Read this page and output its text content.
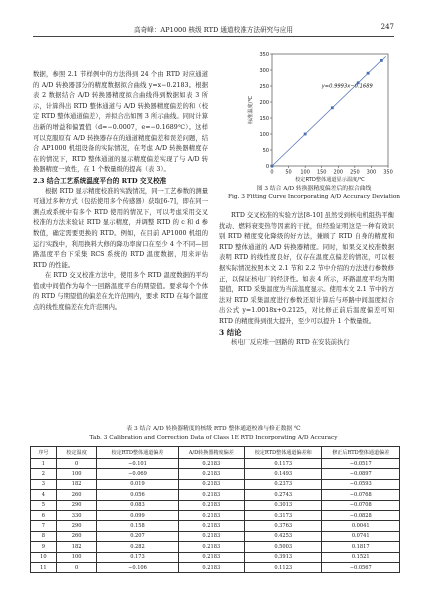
高奇峰：AP1000 核级 RTD 通道校准方法研究与应用	247

数据，参照 2.1 节样例中的方法得到 24 个由 RTD 对应通道的 A/D 转换器部分的精度数据拟合曲线 y=x−0.2183。根据表 2 数据结合 A/D 转换器精度拟合曲线得到数据如表 3 所示，计算得出 RTD 整体通道与 A/D 转换器精度偏差的和（校定 RTD 整体通道偏差），并拟合出如图 3 所示曲线。同时计算出新的增益和偏置值（d=−0.0007，e=−0.1689℃）。这样可以克服原有 A/D 转换器存在的通道精度偏差和误差问题，结合 AP1000 机组设备的实际情况，在考虑 A/D 转换器精度存在的情况下，RTD 整体通道的显示精度偏差实现了与 A/D 转换器精度一致性，在 1 个数量级的提高（表 3）。

2.3 结合工艺系统温度平台的 RTD 交叉校准

根据 RTD 显示精度校准的实践情况，同一工艺参数的测量可通过多种方式（包括使用多个传感器）获取[6-7]，即在同一测点或系统中有多个 RTD 使用的情况下，可以考虑采用交叉校准的方法来验证 RTD 显示精度，并调整 RTD 的 c 和 d 参数值，确定需要更换的 RTD。例如，在目前 AP1000 机组的运行实践中，利用换料大修的降功率窗口在至少 4 个不同—回路温度平台下采集 RCS 系统的 RTD 温度数据，用来评估 RTD 的性能。

在 RTD 交叉校准方法中，使用多个 RTD 温度数据的平均值或中间值作为每个一回路温度平台的期望值。要求每个个体的 RTD 与期望值的偏差在允许范围内，要求 RTD 在每个温度点的线性度偏差在允许范围内。

0 50 100 150 200 250 300 350
0
50
100
150
200
250
300
350
y=0.9993x−0.1689
校定RTD整体通道显示温度/℃
标准温度/℃
图 3 结合 A/D 转换器精度偏差后的拟合曲线
Fig. 3 Fitting Curve Incorporating A/D Accuracy Deviation

RTD 交叉校准的实验方法[8-10] 虽然受到核电机组热平衡扰动、燃料衰变热等因素的干扰，但经验证明这是一种有效识别 RTD 精度变化降级的好方法，兼顾了 RTD 自身的精度和 RTD 整体通道的 A/D 转换器精度。同时，如果交叉校准数据表明 RTD 的线性度良好，仅存在温度点偏差的情况，可以根据实际情况按照本文 2.1 节和 2.2 节中介绍的方法进行参数修正，以保证核电厂的经济性。如表 4 所示，环路温度平均为期望值，RTD 采集温度为当前温度显示。使用本文 2.1 节中的方法对 RTD 采集温度进行参数还原计算后与环路中间温度拟合出公式 y=1.0018x+0.2125，对比修正前后温度偏差可知 RTD 的精度得到很大提升，至少可以提升 1 个数量级。

3 结论

核电厂反应堆一回路的 RTD 在安装前执行

表 3 结合 A/D 转换器精度的核级 RTD 整体通道校准与修正数据 ℃
Tab. 3 Calibration and Correction Data of Class 1E RTD Incorporating A/D Accuracy
序号	校定温度	校定RTD整体通道偏差	A/D转换器精度偏差	校定RTD整体通道偏差和	修正后RTD整体通道偏差
1	0	−0.101	0.2183	0.1173	−0.0517
2	100	−0.069	0.2183	0.1493	−0.0897
3	182	0.019	0.2183	0.2373	−0.0593
4	260	0.056	0.2183	0.2743	−0.0768
5	290	0.083	0.2183	0.3013	−0.0708
6	330	0.099	0.2183	0.3173	−0.0828
7	290	0.158	0.2183	0.3763	0.0041
8	260	0.207	0.2183	0.4253	0.0741
9	182	0.282	0.2183	0.5003	0.1817
10	100	0.173	0.2183	0.3913	0.1521
11	0	−0.106	0.2183	0.1123	−0.0567
